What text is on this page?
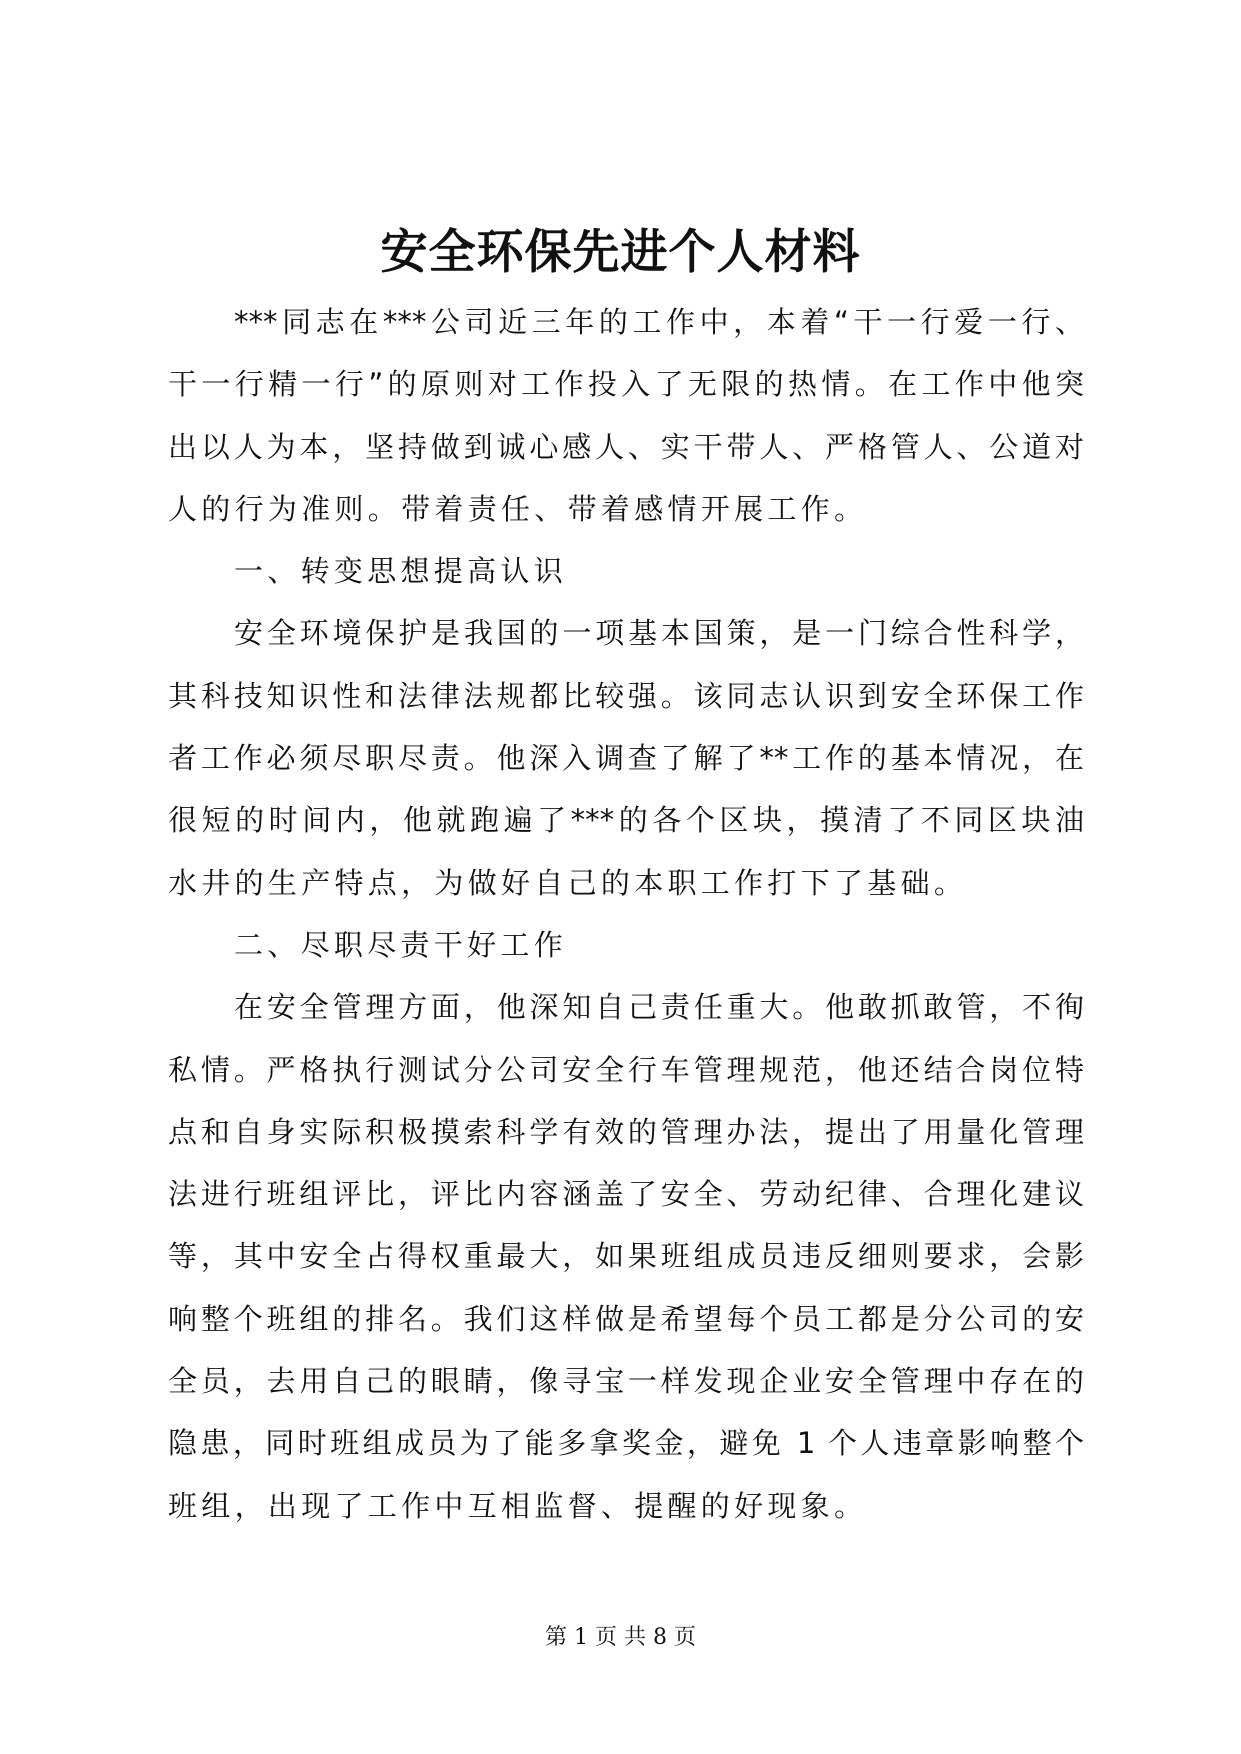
安全环保先进个人材料
***同志在***公司近三年的工作中，本着“干一行爱一行、
干一行精一行”的原则对工作投入了无限的热情。在工作中他突
出以人为本，坚持做到诚心感人、实干带人、严格管人、公道对
人的行为准则。带着责任、带着感情开展工作。
一、转变思想提高认识
安全环境保护是我国的一项基本国策，是一门综合性科学，
其科技知识性和法律法规都比较强。该同志认识到安全环保工作
者工作必须尽职尽责。他深入调查了解了**工作的基本情况，在
很短的时间内，他就跑遍了***的各个区块，摸清了不同区块油
水井的生产特点，为做好自己的本职工作打下了基础。
二、尽职尽责干好工作
在安全管理方面，他深知自己责任重大。他敢抓敢管，不徇
私情。严格执行测试分公司安全行车管理规范，他还结合岗位特
点和自身实际积极摸索科学有效的管理办法，提出了用量化管理
法进行班组评比，评比内容涵盖了安全、劳动纪律、合理化建议
等，其中安全占得权重最大，如果班组成员违反细则要求，会影
响整个班组的排名。我们这样做是希望每个员工都是分公司的安
全员，去用自己的眼睛，像寻宝一样发现企业安全管理中存在的
隐患，同时班组成员为了能多拿奖金，避免 1 个人违章影响整个
班组，出现了工作中互相监督、提醒的好现象。
第 1 页 共 8 页
